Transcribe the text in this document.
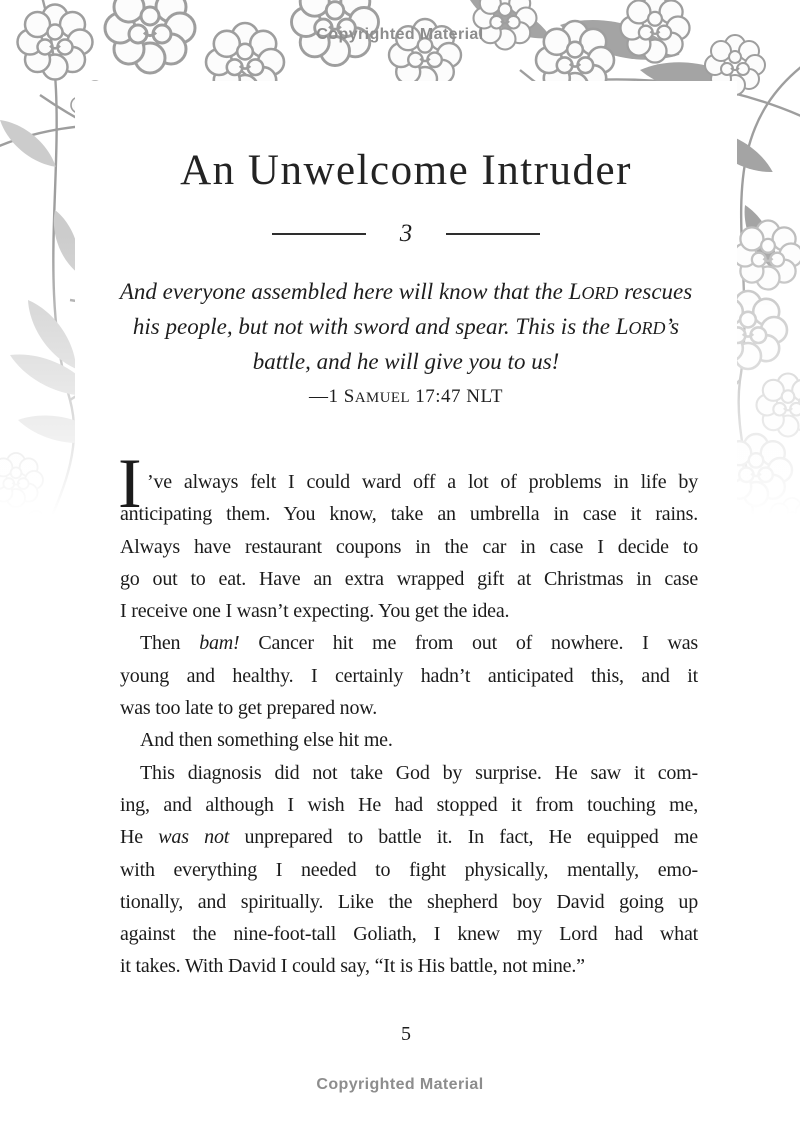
Copyrighted Material
An Unwelcome Intruder
3
And everyone assembled here will know that the LORD rescues
his people, but not with sword and spear. This is the LORD’s
battle, and he will give you to us!
—1 SAMUEL 17:47 NLT
I ’ve always felt I could ward off a lot of problems in life by
anticipating them. You know, take an umbrella in case it rains.
Always have restaurant coupons in the car in case I decide to
go out to eat. Have an extra wrapped gift at Christmas in case
I receive one I wasn’t expecting. You get the idea.
Then bam! Cancer hit me from out of nowhere. I was
young and healthy. I certainly hadn’t anticipated this, and it
was too late to get prepared now.
And then something else hit me.
This diagnosis did not take God by surprise. He saw it com-
ing, and although I wish He had stopped it from touching me,
He was not unprepared to battle it. In fact, He equipped me
with everything I needed to fight physically, mentally, emo-
tionally, and spiritually. Like the shepherd boy David going up
against the nine-foot-tall Goliath, I knew my Lord had what
it takes. With David I could say, “It is His battle, not mine.”
5
Copyrighted Material
